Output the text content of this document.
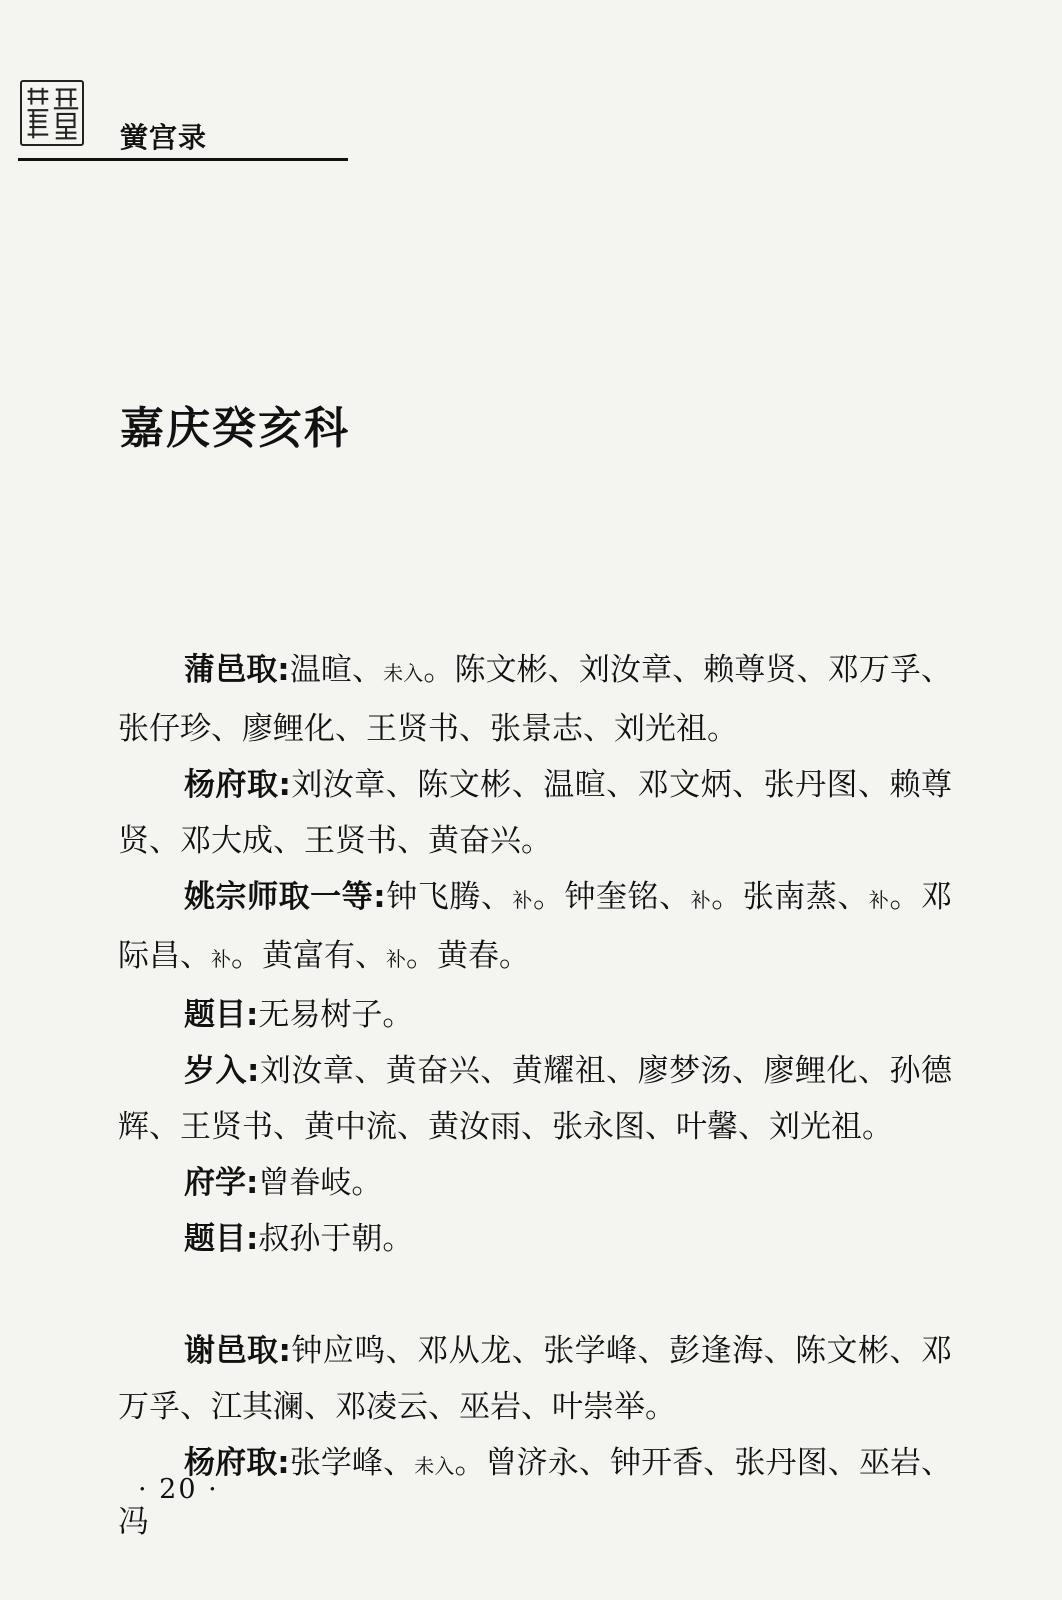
黉宫录
嘉庆癸亥科

蒲邑取:温暄、未入。陈文彬、刘汝章、赖尊贤、邓万孚、张仔珍、廖鲤化、王贤书、张景志、刘光祖。

杨府取:刘汝章、陈文彬、温暄、邓文炳、张丹图、赖尊贤、邓大成、王贤书、黄奋兴。

姚宗师取一等:钟飞腾、补。钟奎铭、补。张南蒸、补。邓际昌、补。黄富有、补。黄春。

题目:无易树子。

岁入:刘汝章、黄奋兴、黄耀祖、廖梦汤、廖鲤化、孙德辉、王贤书、黄中流、黄汝雨、张永图、叶馨、刘光祖。

府学:曾眷岐。

题目:叔孙于朝。

谢邑取:钟应鸣、邓从龙、张学峰、彭逢海、陈文彬、邓万孚、江其澜、邓凌云、巫岩、叶崇举。

杨府取:张学峰、未入。曾济永、钟开香、张丹图、巫岩、冯

· 20 ·
